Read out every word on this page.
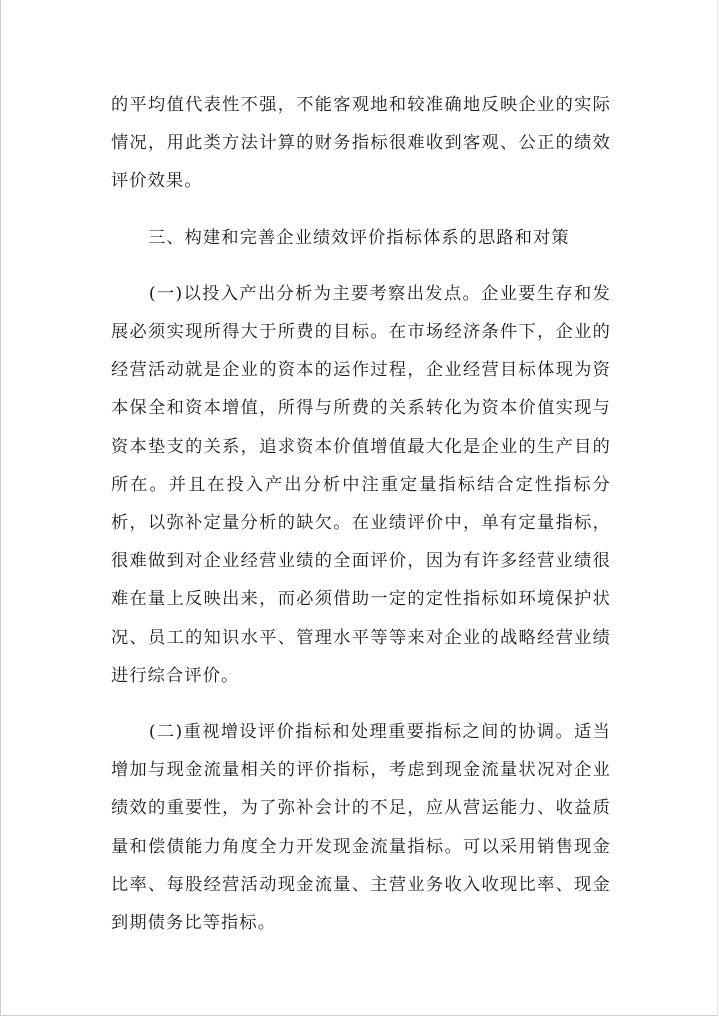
的平均值代表性不强，不能客观地和较准确地反映企业的实际情况，用此类方法计算的财务指标很难收到客观、公正的绩效评价效果。

三、构建和完善企业绩效评价指标体系的思路和对策

(一)以投入产出分析为主要考察出发点。企业要生存和发展必须实现所得大于所费的目标。在市场经济条件下，企业的经营活动就是企业的资本的运作过程，企业经营目标体现为资本保全和资本增值，所得与所费的关系转化为资本价值实现与资本垫支的关系，追求资本价值增值最大化是企业的生产目的所在。并且在投入产出分析中注重定量指标结合定性指标分析，以弥补定量分析的缺欠。在业绩评价中，单有定量指标，很难做到对企业经营业绩的全面评价，因为有许多经营业绩很难在量上反映出来，而必须借助一定的定性指标如环境保护状况、员工的知识水平、管理水平等等来对企业的战略经营业绩进行综合评价。

(二)重视增设评价指标和处理重要指标之间的协调。适当增加与现金流量相关的评价指标，考虑到现金流量状况对企业绩效的重要性，为了弥补会计的不足，应从营运能力、收益质量和偿债能力角度全力开发现金流量指标。可以采用销售现金比率、每股经营活动现金流量、主营业务收入收现比率、现金到期债务比等指标。
